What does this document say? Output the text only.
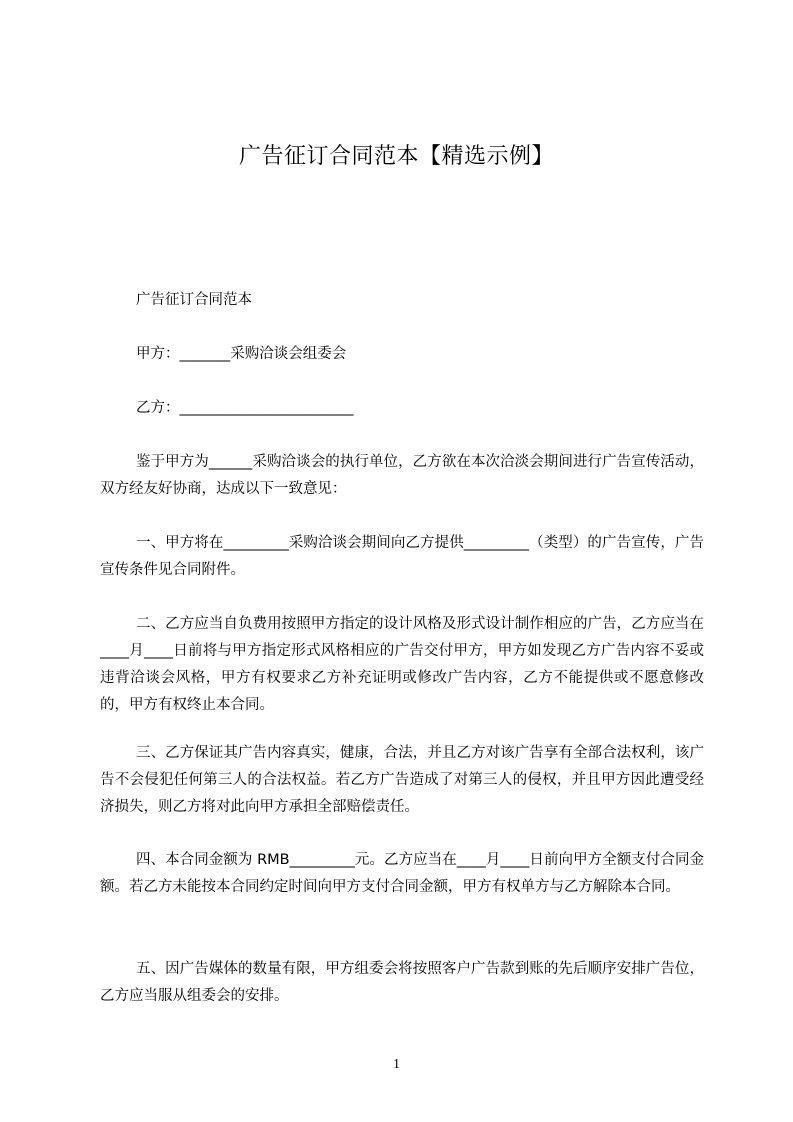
广告征订合同范本【精选示例】
广告征订合同范本
甲方：_______采购洽谈会组委会
乙方：________________________
鉴于甲方为______采购洽谈会的执行单位，乙方欲在本次洽淡会期间进行广告宣传活动，双方经友好协商，达成以下一致意见：
一、甲方将在_________采购洽谈会期间向乙方提供_________（类型）的广告宣传，广告宣传条件见合同附件。
二、乙方应当自负费用按照甲方指定的设计风格及形式设计制作相应的广告，乙方应当在____月____日前将与甲方指定形式风格相应的广告交付甲方，甲方如发现乙方广告内容不妥或违背洽谈会风格，甲方有权要求乙方补充证明或修改广告内容，乙方不能提供或不愿意修改的，甲方有权终止本合同。
三、乙方保证其广告内容真实，健康，合法，并且乙方对该广告享有全部合法权利，该广告不会侵犯任何第三人的合法权益。若乙方广告造成了对第三人的侵权，并且甲方因此遭受经济损失，则乙方将对此向甲方承担全部赔偿责任。
四、本合同金额为 RMB_________元。乙方应当在____月____日前向甲方全额支付合同金额。若乙方未能按本合同约定时间向甲方支付合同金额，甲方有权单方与乙方解除本合同。
五、因广告媒体的数量有限，甲方组委会将按照客户广告款到账的先后顺序安排广告位，乙方应当服从组委会的安排。
1
